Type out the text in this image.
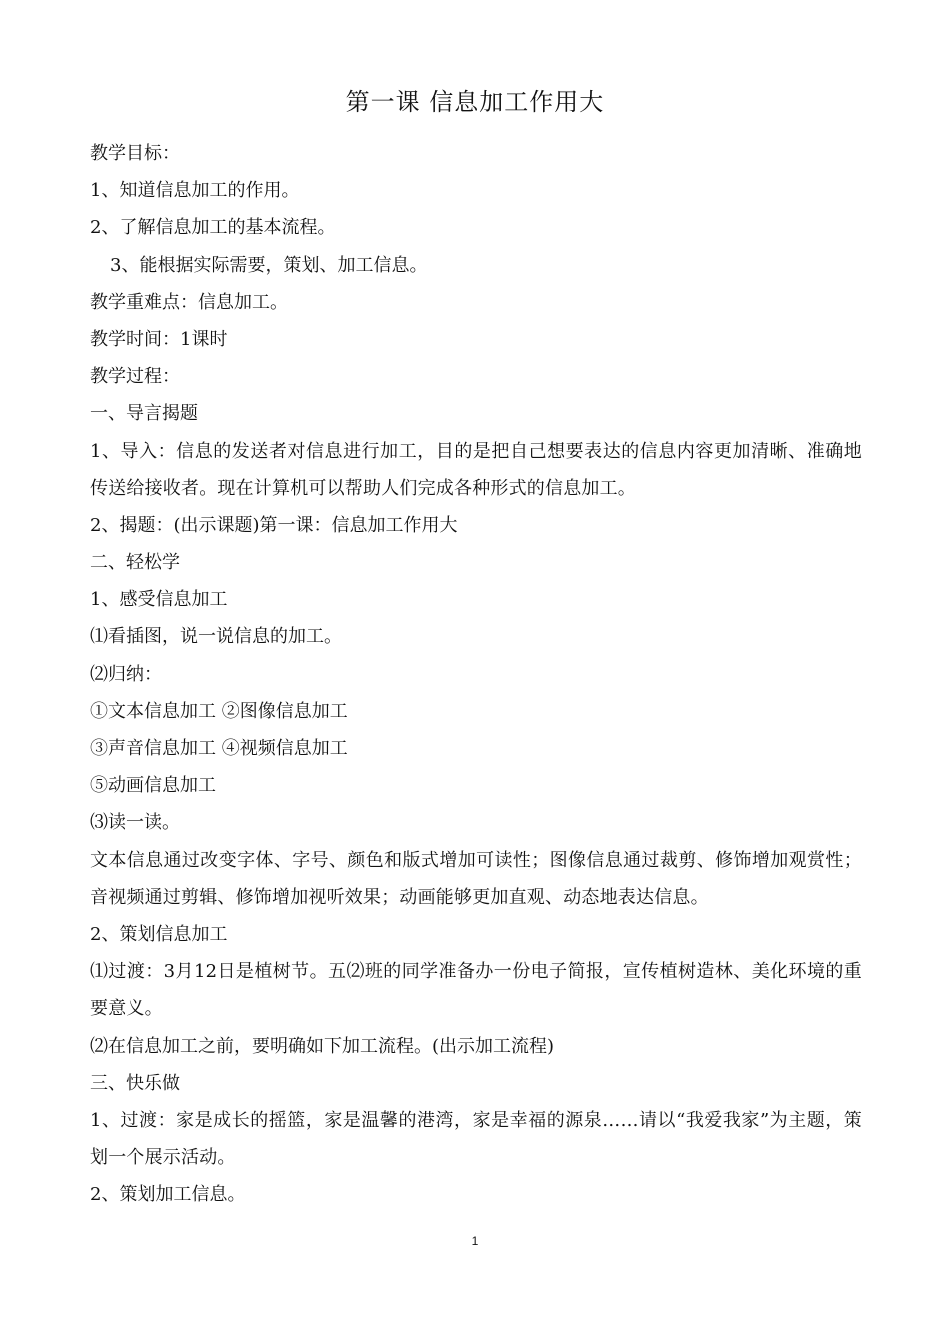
第一课 信息加工作用大
教学目标：
1、知道信息加工的作用。
2、了解信息加工的基本流程。
3、能根据实际需要，策划、加工信息。
教学重难点：信息加工。
教学时间：1课时
教学过程：
一、导言揭题
1、导入：信息的发送者对信息进行加工，目的是把自己想要表达的信息内容更加清晰、准确地传送给接收者。现在计算机可以帮助人们完成各种形式的信息加工。
2、揭题：(出示课题)第一课：信息加工作用大
二、轻松学
1、感受信息加工
⑴看插图，说一说信息的加工。
⑵归纳：
①文本信息加工 ②图像信息加工
③声音信息加工 ④视频信息加工
⑤动画信息加工
⑶读一读。
文本信息通过改变字体、字号、颜色和版式增加可读性；图像信息通过裁剪、修饰增加观赏性；音视频通过剪辑、修饰增加视听效果；动画能够更加直观、动态地表达信息。
2、策划信息加工
⑴过渡：3月12日是植树节。五⑵班的同学准备办一份电子简报，宣传植树造林、美化环境的重要意义。
⑵在信息加工之前，要明确如下加工流程。(出示加工流程)
三、快乐做
1、过渡：家是成长的摇篮，家是温馨的港湾，家是幸福的源泉……请以“我爱我家”为主题，策划一个展示活动。
2、策划加工信息。
1
